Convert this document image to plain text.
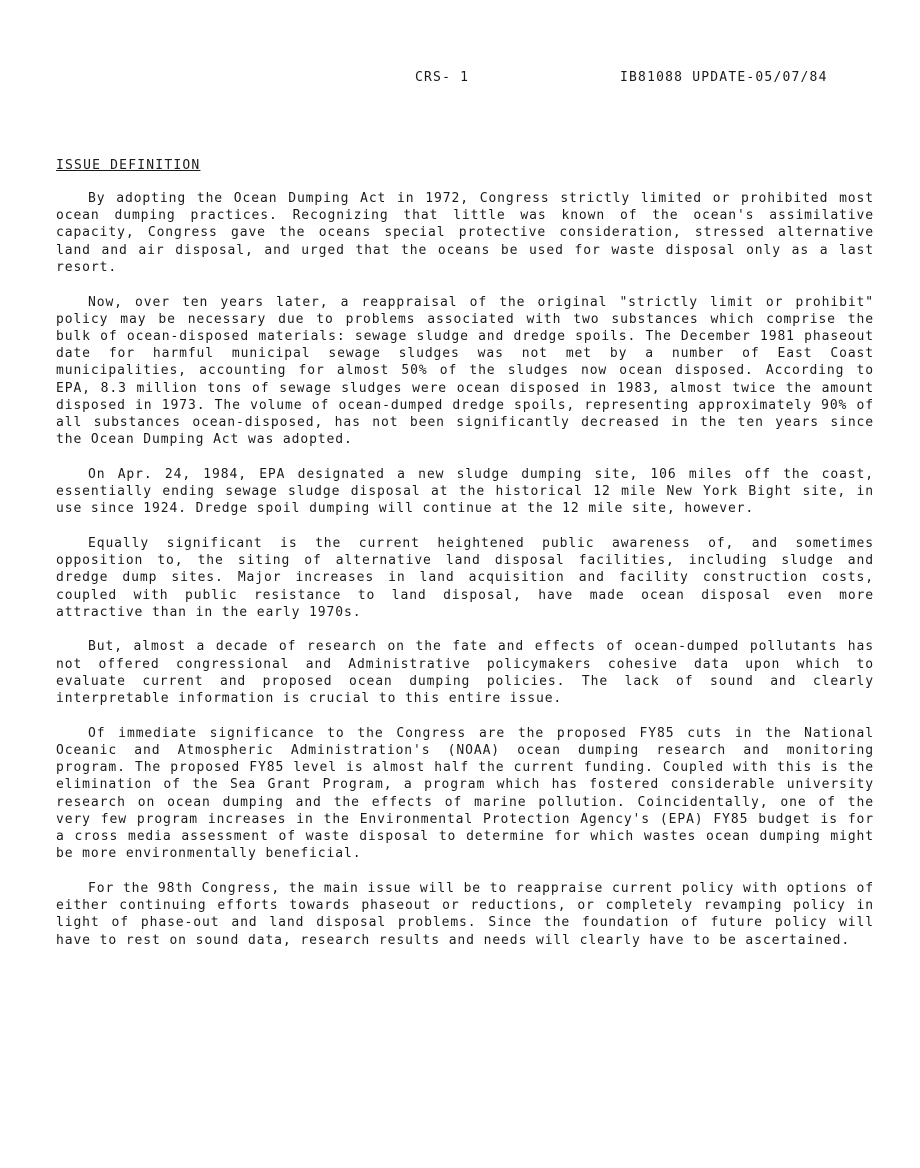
CRS- 1	IB81088 UPDATE-05/07/84
ISSUE DEFINITION

By adopting the Ocean Dumping Act in 1972, Congress strictly limited or prohibited most ocean dumping practices. Recognizing that little was known of the ocean's assimilative capacity, Congress gave the oceans special protective consideration, stressed alternative land and air disposal, and urged that the oceans be used for waste disposal only as a last resort.

Now, over ten years later, a reappraisal of the original "strictly limit or prohibit" policy may be necessary due to problems associated with two substances which comprise the bulk of ocean-disposed materials: sewage sludge and dredge spoils. The December 1981 phaseout date for harmful municipal sewage sludges was not met by a number of East Coast municipalities, accounting for almost 50% of the sludges now ocean disposed. According to EPA, 8.3 million tons of sewage sludges were ocean disposed in 1983, almost twice the amount disposed in 1973. The volume of ocean-dumped dredge spoils, representing approximately 90% of all substances ocean-disposed, has not been significantly decreased in the ten years since the Ocean Dumping Act was adopted.

On Apr. 24, 1984, EPA designated a new sludge dumping site, 106 miles off the coast, essentially ending sewage sludge disposal at the historical 12 mile New York Bight site, in use since 1924. Dredge spoil dumping will continue at the 12 mile site, however.

Equally significant is the current heightened public awareness of, and sometimes opposition to, the siting of alternative land disposal facilities, including sludge and dredge dump sites. Major increases in land acquisition and facility construction costs, coupled with public resistance to land disposal, have made ocean disposal even more attractive than in the early 1970s.

But, almost a decade of research on the fate and effects of ocean-dumped pollutants has not offered congressional and Administrative policymakers cohesive data upon which to evaluate current and proposed ocean dumping policies. The lack of sound and clearly interpretable information is crucial to this entire issue.

Of immediate significance to the Congress are the proposed FY85 cuts in the National Oceanic and Atmospheric Administration's (NOAA) ocean dumping research and monitoring program. The proposed FY85 level is almost half the current funding. Coupled with this is the elimination of the Sea Grant Program, a program which has fostered considerable university research on ocean dumping and the effects of marine pollution. Coincidentally, one of the very few program increases in the Environmental Protection Agency's (EPA) FY85 budget is for a cross media assessment of waste disposal to determine for which wastes ocean dumping might be more environmentally beneficial.

For the 98th Congress, the main issue will be to reappraise current policy with options of either continuing efforts towards phaseout or reductions, or completely revamping policy in light of phase-out and land disposal problems. Since the foundation of future policy will have to rest on sound data, research results and needs will clearly have to be ascertained.
